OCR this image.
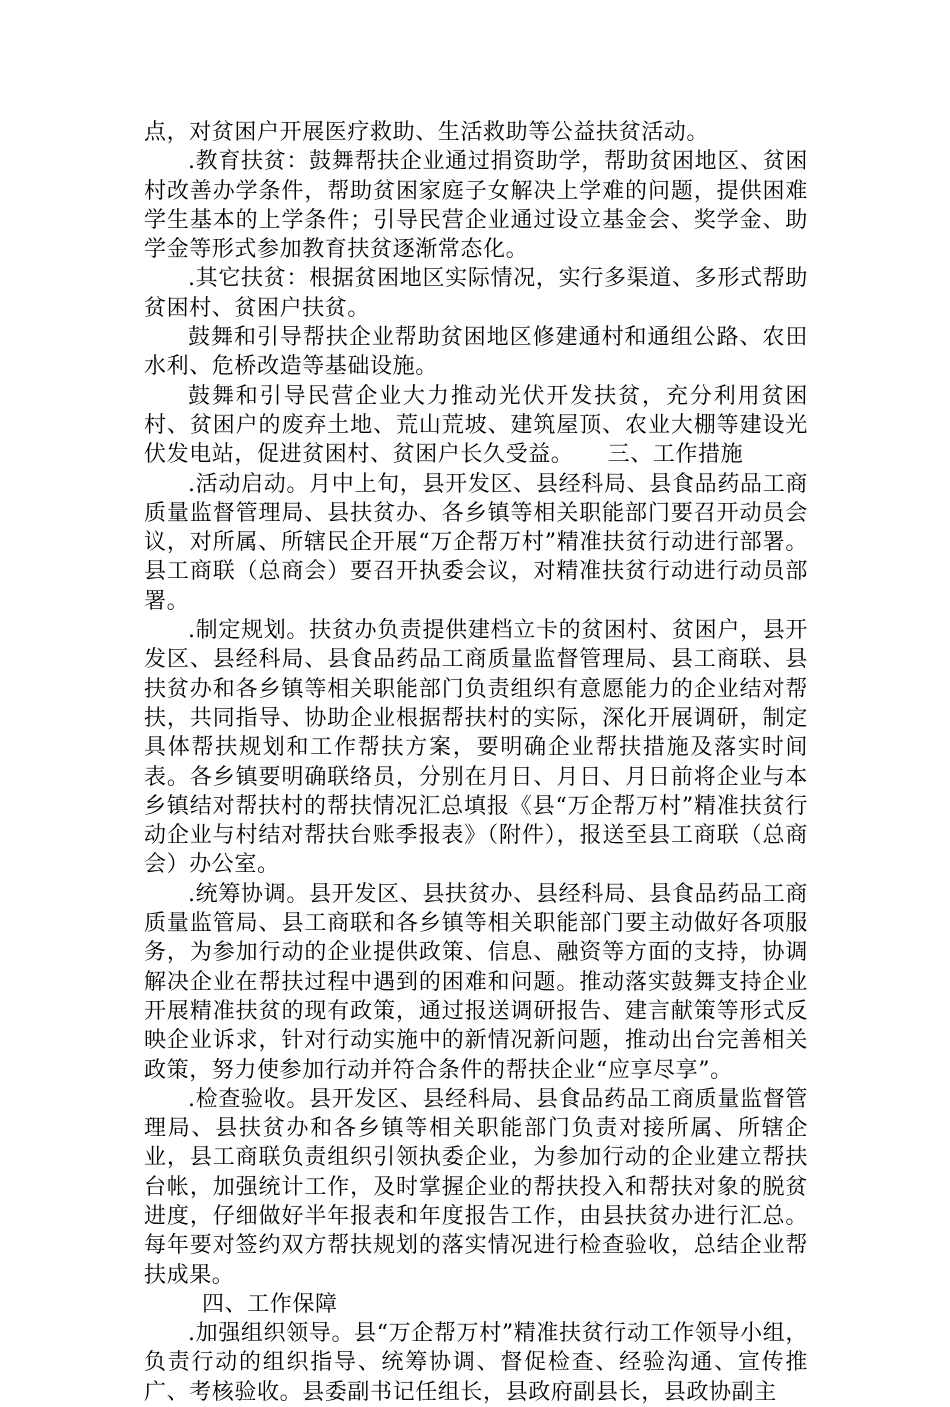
点，对贫困户开展医疗救助、生活救助等公益扶贫活动。

.教育扶贫：鼓舞帮扶企业通过捐资助学，帮助贫困地区、贫困村改善办学条件，帮助贫困家庭子女解决上学难的问题，提供困难学生基本的上学条件；引导民营企业通过设立基金会、奖学金、助学金等形式参加教育扶贫逐渐常态化。

.其它扶贫：根据贫困地区实际情况，实行多渠道、多形式帮助贫困村、贫困户扶贫。

鼓舞和引导帮扶企业帮助贫困地区修建通村和通组公路、农田水利、危桥改造等基础设施。

鼓舞和引导民营企业大力推动光伏开发扶贫，充分利用贫困村、贫困户的废弃土地、荒山荒坡、建筑屋顶、农业大棚等建设光伏发电站，促进贫困村、贫困户长久受益。　　三、工作措施

.活动启动。月中上旬，县开发区、县经科局、县食品药品工商质量监督管理局、县扶贫办、各乡镇等相关职能部门要召开动员会议，对所属、所辖民企开展“万企帮万村”精准扶贫行动进行部署。县工商联（总商会）要召开执委会议，对精准扶贫行动进行动员部署。

.制定规划。扶贫办负责提供建档立卡的贫困村、贫困户，县开发区、县经科局、县食品药品工商质量监督管理局、县工商联、县扶贫办和各乡镇等相关职能部门负责组织有意愿能力的企业结对帮扶，共同指导、协助企业根据帮扶村的实际，深化开展调研，制定具体帮扶规划和工作帮扶方案，要明确企业帮扶措施及落实时间表。各乡镇要明确联络员，分别在月日、月日、月日前将企业与本乡镇结对帮扶村的帮扶情况汇总填报《县“万企帮万村”精准扶贫行动企业与村结对帮扶台账季报表》（附件），报送至县工商联（总商会）办公室。

.统筹协调。县开发区、县扶贫办、县经科局、县食品药品工商质量监管局、县工商联和各乡镇等相关职能部门要主动做好各项服务，为参加行动的企业提供政策、信息、融资等方面的支持，协调解决企业在帮扶过程中遇到的困难和问题。推动落实鼓舞支持企业开展精准扶贫的现有政策，通过报送调研报告、建言献策等形式反映企业诉求，针对行动实施中的新情况新问题，推动出台完善相关政策，努力使参加行动并符合条件的帮扶企业“应享尽享”。

.检查验收。县开发区、县经科局、县食品药品工商质量监督管理局、县扶贫办和各乡镇等相关职能部门负责对接所属、所辖企业，县工商联负责组织引领执委企业，为参加行动的企业建立帮扶台帐，加强统计工作，及时掌握企业的帮扶投入和帮扶对象的脱贫进度，仔细做好半年报表和年度报告工作，由县扶贫办进行汇总。每年要对签约双方帮扶规划的落实情况进行检查验收，总结企业帮扶成果。

四、工作保障

.加强组织领导。县“万企帮万村”精准扶贫行动工作领导小组，负责行动的组织指导、统筹协调、督促检查、经验沟通、宣传推广、考核验收。县委副书记任组长，县政府副县长，县政协副主
